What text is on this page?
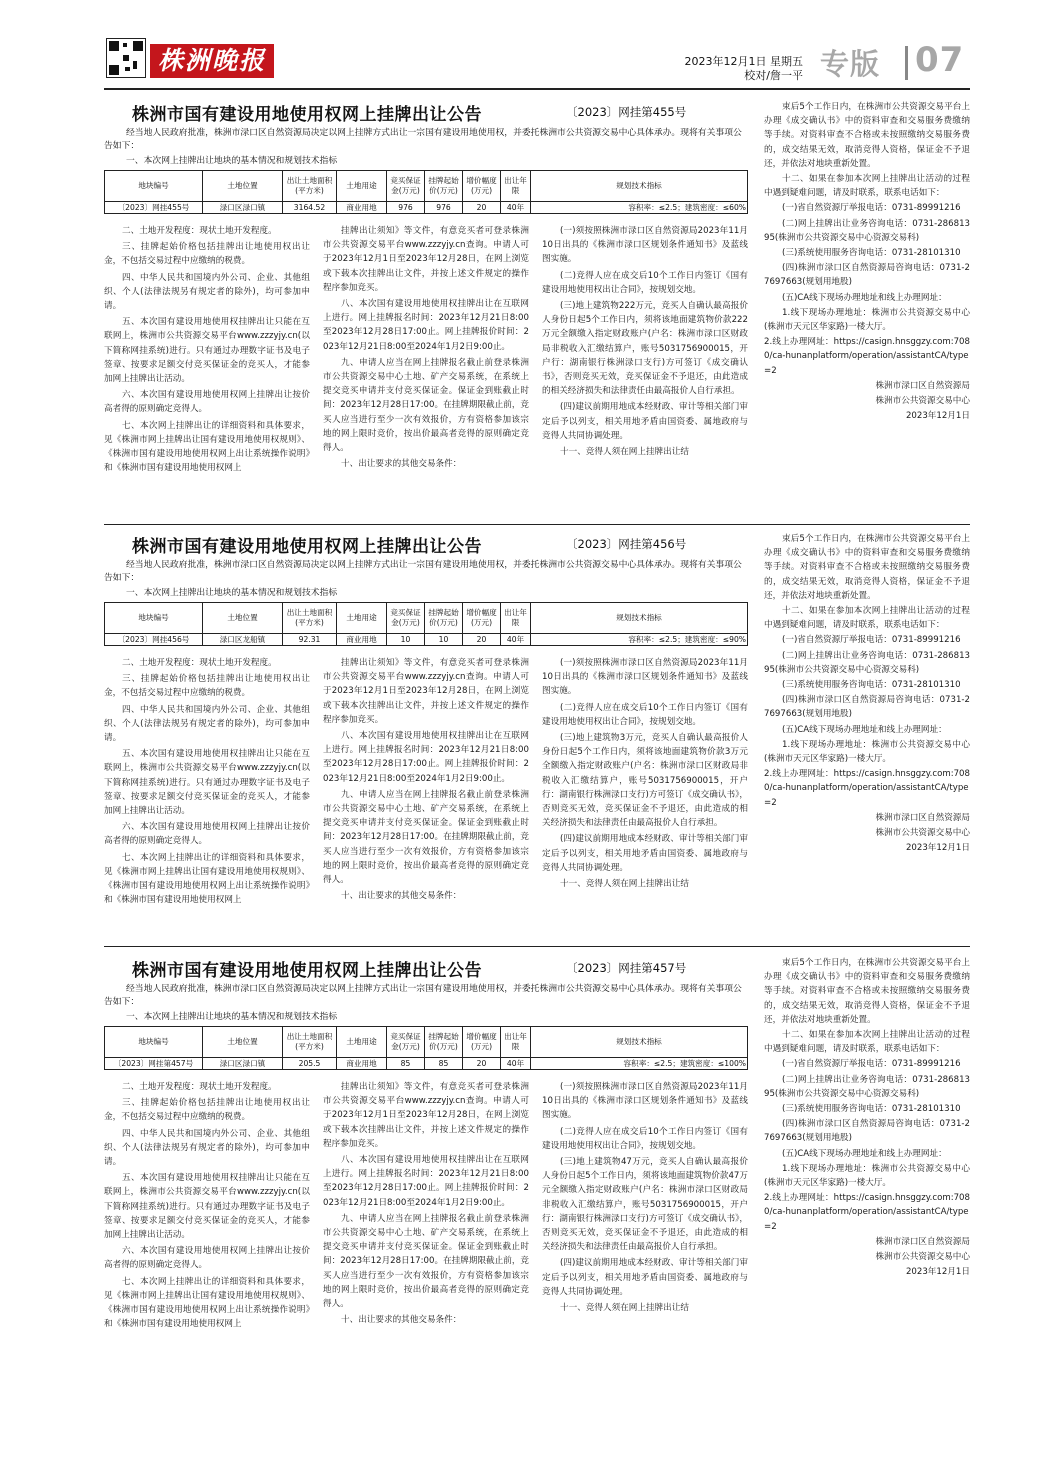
株洲晚报	2023年12月1日 星期五
校对/詹一平 专版 07
株洲市国有建设用地使用权网上挂牌出让公告	〔2023〕网挂第455号
经当地人民政府批准，株洲市渌口区自然资源局决定以网上挂牌方式出让一宗国有建设用地使用权，并委托株洲市公共资源交易中心具体承办。现将有关事项公告如下：
一、本次网上挂牌出让地块的基本情况和规划技术指标
地块编号	土地位置	出让土地面积(平方米)	土地用途	竞买保证金(万元)	挂牌起始价(万元)	增价幅度(万元)	出让年限	规划技术指标
〔2023〕网挂455号	渌口区渌口镇	3164.52	商业用地	976	976	20	40年	容积率：≤2.5；建筑密度：≤60%

二、土地开发程度：现状土地开发程度。

三、挂牌起始价格包括挂牌出让地使用权出让金，不包括交易过程中应缴纳的税费。

四、中华人民共和国境内外公司、企业、其他组织、个人(法律法规另有规定者的除外)，均可参加申请。

五、本次国有建设用地使用权挂牌出让只能在互联网上，株洲市公共资源交易平台www.zzzyjy.cn(以下简称网挂系统)进行。只有通过办理数字证书及电子签章、按要求足额交付竞买保证金的竞买人，才能参加网上挂牌出让活动。

六、本次国有建设用地使用权网上挂牌出让按价高者得的原则确定竞得人。

七、本次网上挂牌出让的详细资料和具体要求，见《株洲市网上挂牌出让国有建设用地使用权规则》、《株洲市国有建设用地使用权网上出让系统操作说明》和《株洲市国有建设用地使用权网上

挂牌出让须知》等文件，有意竞买者可登录株洲市公共资源交易平台www.zzzyjy.cn查询。申请人可于2023年12月1日至2023年12月28日，在网上浏览或下载本次挂牌出让文件，并按上述文件规定的操作程序参加竞买。

八、本次国有建设用地使用权挂牌出让在互联网上进行。网上挂牌报名时间：2023年12月21日8:00至2023年12月28日17:00止。网上挂牌报价时间：2023年12月21日8:00至2024年1月2日9:00止。

九、申请人应当在网上挂牌报名截止前登录株洲市公共资源交易中心土地、矿产交易系统，在系统上提交竞买申请并支付竞买保证金。保证金到账截止时间：2023年12月28日17:00。在挂牌期限截止前，竞买人应当进行至少一次有效报价，方有资格参加该宗地的网上限时竞价，按出价最高者竞得的原则确定竞得人。

十、出让要求的其他交易条件：

(一)须按照株洲市渌口区自然资源局2023年11月10日出具的《株洲市渌口区规划条件通知书》及蓝线图实施。

(二)竞得人应在成交后10个工作日内签订《国有建设用地使用权出让合同》，按规划交地。

(三)地上建筑物222万元，竞买人自确认最高报价人身份日起5个工作日内，须将该地面建筑物价款222万元全额缴入指定财政账户(户名：株洲市渌口区财政局非税收入汇缴结算户，账号503175690001​5，开户行：湖南银行株洲渌口支行)方可签订《成交确认书》，否则竞买无效，竞买保证金不予退还，由此造成的相关经济损失和法律责任由最高报价人自行承担。

(四)建议前期用地成本经财政、审计等相关部门审定后予以列支，相关用地矛盾由国资委、属地政府与竞得人共同协调处理。

十一、竞得人须在网上挂牌出让结

束后5个工作日内，在株洲市公共资源交易平台上办理《成交确认书》中的资料审查和交易服务费缴纳等手续。对资料审查不合格或未按照缴纳交易服务费的，成交结果无效，取消竞得人资格，保证金不予退还，并依法对地块重新处置。

十二、如果在参加本次网上挂牌出让活动的过程中遇到疑难问题，请及时联系，联系电话如下：

(一)省自然资源厅举报电话：0731-89991216

(二)网上挂牌出让业务咨询电话：0731-28681395(株洲市公共资源交易中心资源交易科)

(三)系统使用服务咨询电话：0731-28101310

(四)株洲市渌口区自然资源局咨询电话：0731-27697663(规划用地股)

(五)CA线下现场办理地址和线上办理网址：

1.线下现场办理地址：株洲市公共资源交易中心(株洲市天元区华家路)一楼大厅。

2.线上办理网址：https://casign.hnsggzy.com:7080/ca-hunanplatform/operation/assistantCA/type=2

株洲市渌口区自然资源局

株洲市公共资源交易中心

2023年12月1日

株洲市国有建设用地使用权网上挂牌出让公告	〔2023〕网挂第456号
经当地人民政府批准，株洲市渌口区自然资源局决定以网上挂牌方式出让一宗国有建设用地使用权，并委托株洲市公共资源交易中心具体承办。现将有关事项公告如下：
一、本次网上挂牌出让地块的基本情况和规划技术指标
地块编号	土地位置	出让土地面积(平方米)	土地用途	竞买保证金(万元)	挂牌起始价(万元)	增价幅度(万元)	出让年限	规划技术指标
〔2023〕网挂456号	渌口区龙船镇	92.31	商业用地	10	10	20	40年	容积率：≤2.5；建筑密度：≤90%

二、土地开发程度：现状土地开发程度。

三、挂牌起始价格包括挂牌出让地使用权出让金，不包括交易过程中应缴纳的税费。

四、中华人民共和国境内外公司、企业、其他组织、个人(法律法规另有规定者的除外)，均可参加申请。

五、本次国有建设用地使用权挂牌出让只能在互联网上，株洲市公共资源交易平台www.zzzyjy.cn(以下简称网挂系统)进行。只有通过办理数字证书及电子签章、按要求足额交付竞买保证金的竞买人，才能参加网上挂牌出让活动。

六、本次国有建设用地使用权网上挂牌出让按价高者得的原则确定竞得人。

七、本次网上挂牌出让的详细资料和具体要求，见《株洲市网上挂牌出让国有建设用地使用权规则》、《株洲市国有建设用地使用权网上出让系统操作说明》和《株洲市国有建设用地使用权网上

挂牌出让须知》等文件，有意竞买者可登录株洲市公共资源交易平台www.zzzyjy.cn查询。申请人可于2023年12月1日至2023年12月28日，在网上浏览或下载本次挂牌出让文件，并按上述文件规定的操作程序参加竞买。

八、本次国有建设用地使用权挂牌出让在互联网上进行。网上挂牌报名时间：2023年12月21日8:00至2023年12月28日17:00止。网上挂牌报价时间：2023年12月21日8:00至2024年1月2日9:00止。

九、申请人应当在网上挂牌报名截止前登录株洲市公共资源交易中心土地、矿产交易系统，在系统上提交竞买申请并支付竞买保证金。保证金到账截止时间：2023年12月28日17:00。在挂牌期限截止前，竞买人应当进行至少一次有效报价，方有资格参加该宗地的网上限时竞价，按出价最高者竞得的原则确定竞得人。

十、出让要求的其他交易条件：

(一)须按照株洲市渌口区自然资源局2023年11月10日出具的《株洲市渌口区规划条件通知书》及蓝线图实施。

(二)竞得人应在成交后10个工作日内签订《国有建设用地使用权出让合同》，按规划交地。

(三)地上建筑物3万元，竞买人自确认最高报价人身份日起5个工作日内，须将该地面建筑物价款3万元全额缴入指定财政账户(户名：株洲市渌口区财政局非税收入汇缴结算户，账号5031756900015，开户行：湖南银行株洲渌口支行)方可签订《成交确认书》，否则竞买无效，竞买保证金不予退还，由此造成的相关经济损失和法律责任由最高报价人自行承担。

(四)建议前期用地成本经财政、审计等相关部门审定后予以列支，相关用地矛盾由国资委、属地政府与竞得人共同协调处理。

十一、竞得人须在网上挂牌出让结

束后5个工作日内，在株洲市公共资源交易平台上办理《成交确认书》中的资料审查和交易服务费缴纳等手续。对资料审查不合格或未按照缴纳交易服务费的，成交结果无效，取消竞得人资格，保证金不予退还，并依法对地块重新处置。

十二、如果在参加本次网上挂牌出让活动的过程中遇到疑难问题，请及时联系，联系电话如下：

(一)省自然资源厅举报电话：0731-89991216

(二)网上挂牌出让业务咨询电话：0731-28681395(株洲市公共资源交易中心资源交易科)

(三)系统使用服务咨询电话：0731-28101310

(四)株洲市渌口区自然资源局咨询电话：0731-27697663(规划用地股)

(五)CA线下现场办理地址和线上办理网址：

1.线下现场办理地址：株洲市公共资源交易中心(株洲市天元区华家路)一楼大厅。

2.线上办理网址：https://casign.hnsggzy.com:7080/ca-hunanplatform/operation/assistantCA/type=2

株洲市渌口区自然资源局

株洲市公共资源交易中心

2023年12月1日

株洲市国有建设用地使用权网上挂牌出让公告	〔2023〕网挂第457号
经当地人民政府批准，株洲市渌口区自然资源局决定以网上挂牌方式出让一宗国有建设用地使用权，并委托株洲市公共资源交易中心具体承办。现将有关事项公告如下：
一、本次网上挂牌出让地块的基本情况和规划技术指标
地块编号	土地位置	出让土地面积(平方米)	土地用途	竞买保证金(万元)	挂牌起始价(万元)	增价幅度(万元)	出让年限	规划技术指标
〔2023〕网挂第457号	渌口区渌口镇	205.5	商业用地	85	85	20	40年	容积率：≤2.5；建筑密度：≤100%

二、土地开发程度：现状土地开发程度。

三、挂牌起始价格包括挂牌出让地使用权出让金，不包括交易过程中应缴纳的税费。

四、中华人民共和国境内外公司、企业、其他组织、个人(法律法规另有规定者的除外)，均可参加申请。

五、本次国有建设用地使用权挂牌出让只能在互联网上，株洲市公共资源交易平台www.zzzyjy.cn(以下简称网挂系统)进行。只有通过办理数字证书及电子签章、按要求足额交付竞买保证金的竞买人，才能参加网上挂牌出让活动。

六、本次国有建设用地使用权网上挂牌出让按价高者得的原则确定竞得人。

七、本次网上挂牌出让的详细资料和具体要求，见《株洲市网上挂牌出让国有建设用地使用权规则》、《株洲市国有建设用地使用权网上出让系统操作说明》和《株洲市国有建设用地使用权网上

挂牌出让须知》等文件，有意竞买者可登录株洲市公共资源交易平台www.zzzyjy.cn查询。申请人可于2023年12月1日至2023年12月28日，在网上浏览或下载本次挂牌出让文件，并按上述文件规定的操作程序参加竞买。

八、本次国有建设用地使用权挂牌出让在互联网上进行。网上挂牌报名时间：2023年12月21日8:00至2023年12月28日17:00止。网上挂牌报价时间：2023年12月21日8:00至2024年1月2日9:00止。

九、申请人应当在网上挂牌报名截止前登录株洲市公共资源交易中心土地、矿产交易系统，在系统上提交竞买申请并支付竞买保证金。保证金到账截止时间：2023年12月28日17:00。在挂牌期限截止前，竞买人应当进行至少一次有效报价，方有资格参加该宗地的网上限时竞价，按出价最高者竞得的原则确定竞得人。

十、出让要求的其他交易条件：

(一)须按照株洲市渌口区自然资源局2023年11月10日出具的《株洲市渌口区规划条件通知书》及蓝线图实施。

(二)竞得人应在成交后10个工作日内签订《国有建设用地使用权出让合同》，按规划交地。

(三)地上建筑物47万元，竞买人自确认最高报价人身份日起5个工作日内，须将该地面建筑物价款47万元全额缴入指定财政账户(户名：株洲市渌口区财政局非税收入汇缴结算户，账号5031756900015，开户行：湖南银行株洲渌口支行)方可签订《成交确认书》，否则竞买无效，竞买保证金不予退还，由此造成的相关经济损失和法律责任由最高报价人自行承担。

(四)建议前期用地成本经财政、审计等相关部门审定后予以列支，相关用地矛盾由国资委、属地政府与竞得人共同协调处理。

十一、竞得人须在网上挂牌出让结

束后5个工作日内，在株洲市公共资源交易平台上办理《成交确认书》中的资料审查和交易服务费缴纳等手续。对资料审查不合格或未按照缴纳交易服务费的，成交结果无效，取消竞得人资格，保证金不予退还，并依法对地块重新处置。

十二、如果在参加本次网上挂牌出让活动的过程中遇到疑难问题，请及时联系，联系电话如下：

(一)省自然资源厅举报电话：0731-89991216

(二)网上挂牌出让业务咨询电话：0731-28681395(株洲市公共资源交易中心资源交易科)

(三)系统使用服务咨询电话：0731-28101310

(四)株洲市渌口区自然资源局咨询电话：0731-27697663(规划用地股)

(五)CA线下现场办理地址和线上办理网址：

1.线下现场办理地址：株洲市公共资源交易中心(株洲市天元区华家路)一楼大厅。

2.线上办理网址：https://casign.hnsggzy.com:7080/ca-hunanplatform/operation/assistantCA/type=2

株洲市渌口区自然资源局

株洲市公共资源交易中心

2023年12月1日
